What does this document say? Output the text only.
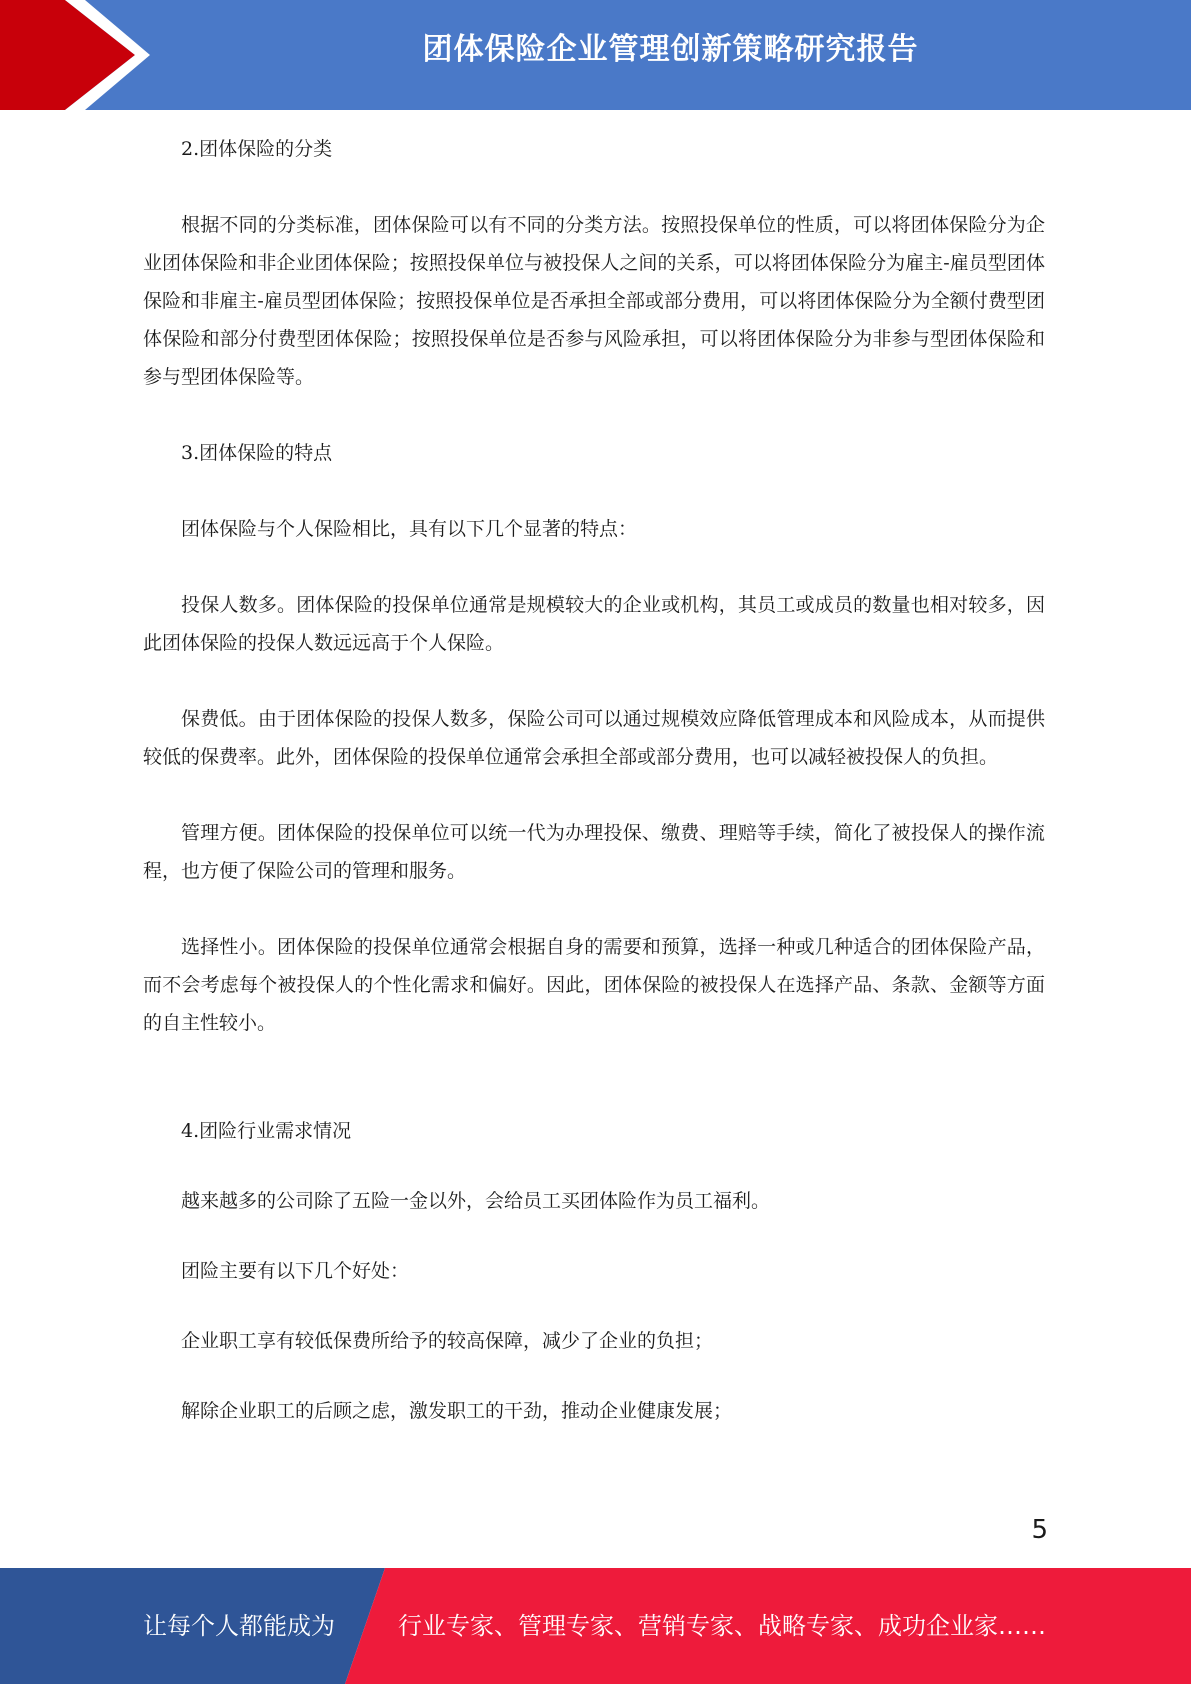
团体保险企业管理创新策略研究报告

2.团体保险的分类

根据不同的分类标准，团体保险可以有不同的分类方法。按照投保单位的性质，可以将团体保险分为企业团体保险和非企业团体保险；按照投保单位与被投保人之间的关系，可以将团体保险分为雇主-雇员型团体保险和非雇主-雇员型团体保险；按照投保单位是否承担全部或部分费用，可以将团体保险分为全额付费型团体保险和部分付费型团体保险；按照投保单位是否参与风险承担，可以将团体保险分为非参与型团体保险和参与型团体保险等。

3.团体保险的特点

团体保险与个人保险相比，具有以下几个显著的特点：

投保人数多。团体保险的投保单位通常是规模较大的企业或机构，其员工或成员的数量也相对较多，因此团体保险的投保人数远远高于个人保险。

保费低。由于团体保险的投保人数多，保险公司可以通过规模效应降低管理成本和风险成本，从而提供较低的保费率。此外，团体保险的投保单位通常会承担全部或部分费用，也可以减轻被投保人的负担。

管理方便。团体保险的投保单位可以统一代为办理投保、缴费、理赔等手续，简化了被投保人的操作流程，也方便了保险公司的管理和服务。

选择性小。团体保险的投保单位通常会根据自身的需要和预算，选择一种或几种适合的团体保险产品，而不会考虑每个被投保人的个性化需求和偏好。因此，团体保险的被投保人在选择产品、条款、金额等方面的自主性较小。

4.团险行业需求情况

越来越多的公司除了五险一金以外，会给员工买团体险作为员工福利。

团险主要有以下几个好处：

企业职工享有较低保费所给予的较高保障，减少了企业的负担；

解除企业职工的后顾之虑，激发职工的干劲，推动企业健康发展；

5
让每个人都能成为	行业专家、管理专家、营销专家、战略专家、成功企业家……
